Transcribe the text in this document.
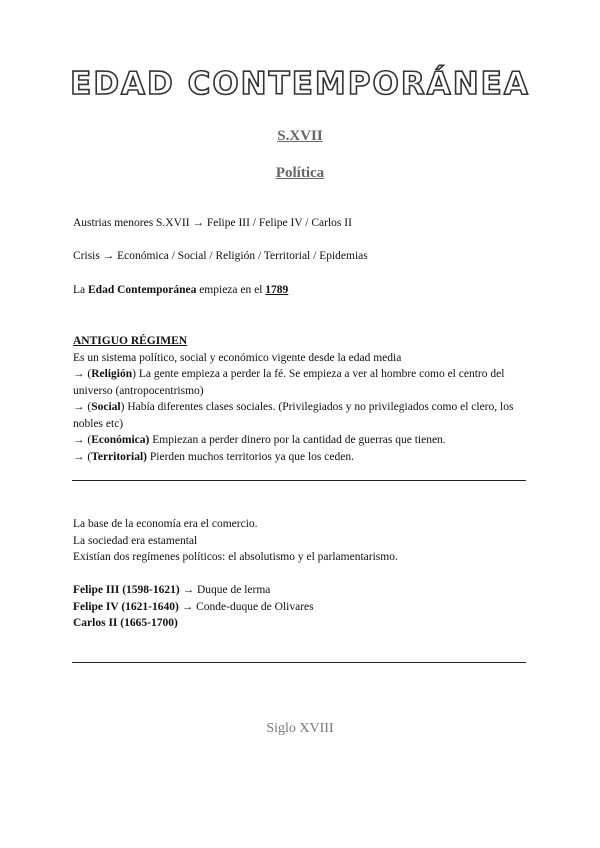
EDAD CONTEMPORÁNEA
S.XVII
Política
Austrias menores S.XVII → Felipe III / Felipe IV / Carlos II
Crisis → Económica / Social / Religión / Territorial / Epidemias
La Edad Contemporánea empieza en el 1789
ANTIGUO RÉGIMEN
Es un sistema político, social y económico vigente desde la edad media
→ (Religión) La gente empieza a perder la fé. Se empieza a ver al hombre como el centro del universo (antropocentrismo)
→ (Social) Había diferentes clases sociales. (Privilegiados y no privilegiados como el clero, los nobles etc)
→ (Económica) Empiezan a perder dinero por la cantidad de guerras que tienen.
→ (Territorial) Pierden muchos territorios ya que los ceden.
La base de la economía era el comercio.
La sociedad era estamental
Existían dos regímenes políticos: el absolutismo y el parlamentarismo.
Felipe III (1598-1621) → Duque de lerma
Felipe IV (1621-1640) → Conde-duque de Olivares
Carlos II (1665-1700)
Siglo XVIII
